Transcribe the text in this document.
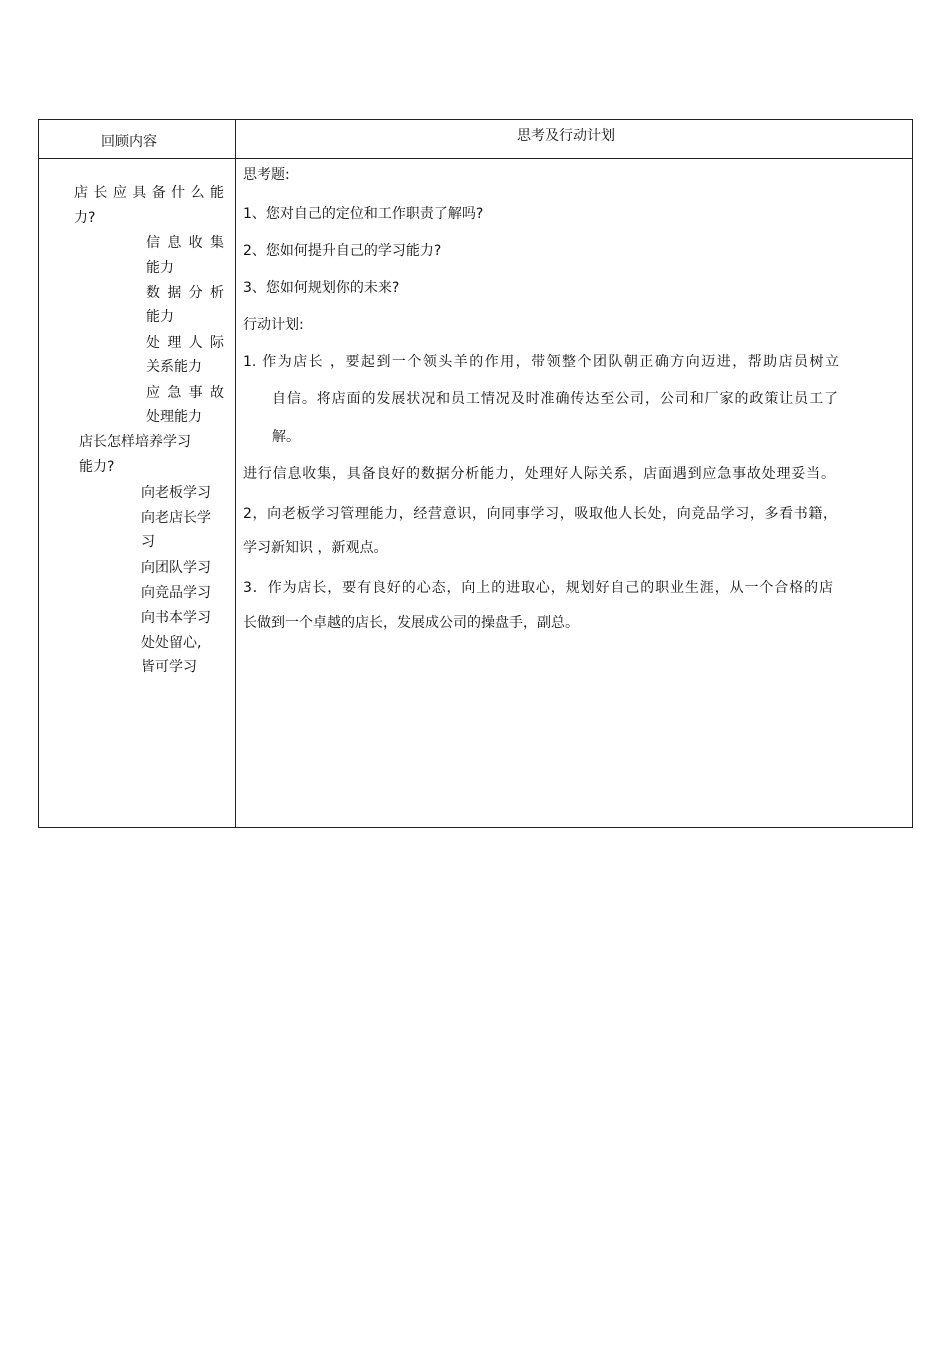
回顾内容	思考及行动计划
店长应具备什么能
力?
信息收集
能力
数据分析
能力
处理人际
关系能力
应急事故
处理能力
店长怎样培养学习
能力?
向老板学习
向老店长学
习
向团队学习
向竞品学习
向书本学习
处处留心,
皆可学习
思考题:
1、您对自己的定位和工作职责了解吗?
2、您如何提升自己的学习能力?
3、您如何规划你的未来?
行动计划:
1. 作为店长 ，要起到一个领头羊的作用，带领整个团队朝正确方向迈进，帮助店员树立
自信。将店面的发展状况和员工情况及时准确传达至公司，公司和厂家的政策让员工了
解。
进行信息收集，具备良好的数据分析能力，处理好人际关系，店面遇到应急事故处理妥当。
2，向老板学习管理能力，经营意识，向同事学习，吸取他人长处，向竞品学习，多看书籍，
学习新知识 ，新观点。
3．作为店长，要有良好的心态，向上的进取心，规划好自己的职业生涯，从一个合格的店
长做到一个卓越的店长，发展成公司的操盘手，副总。
